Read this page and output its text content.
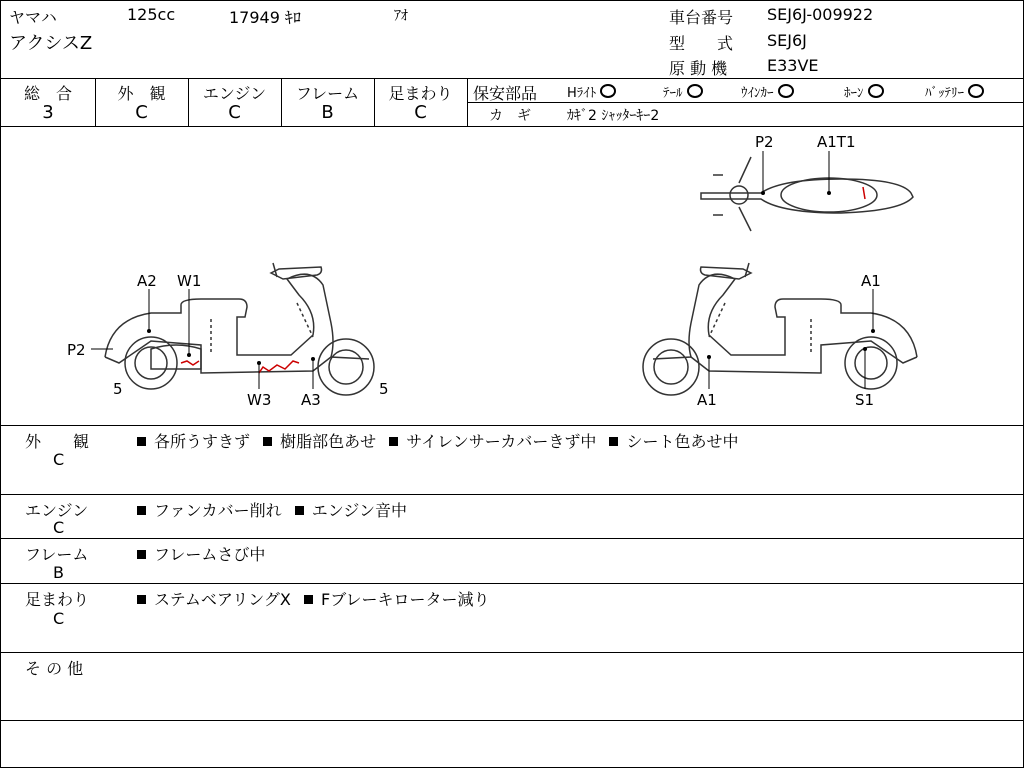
ヤマハ	125cc	17949 ｷﾛ	ｱｵ
アクシスZ
車台番号 SEJ6J-009922
型　　式 SEJ6J
原 動 機 E33VE
総　合	外　観	エンジン	フレーム	足まわり
3	C	C	B	C
保安部品 Hﾗｲﾄ	ﾃｰﾙ	ｳｲﾝｶｰ	ﾎｰﾝ	ﾊﾞｯﾃﾘｰ
カ　ギ	ｶｷﾞ2 ｼｬｯﾀｰｷｰ2
A2 W1
P2
5
W3 A3
5
A1
A1	S1
P2	A1T1
外　　観
C
各所うすきず 樹脂部色あせ サイレンサーカバーきず中 シート色あせ中
エンジン
C
ファンカバー削れ エンジン音中
フレーム
B
フレームさび中
足まわり
C
ステムベアリングX Fブレーキローター減り
そ の 他
